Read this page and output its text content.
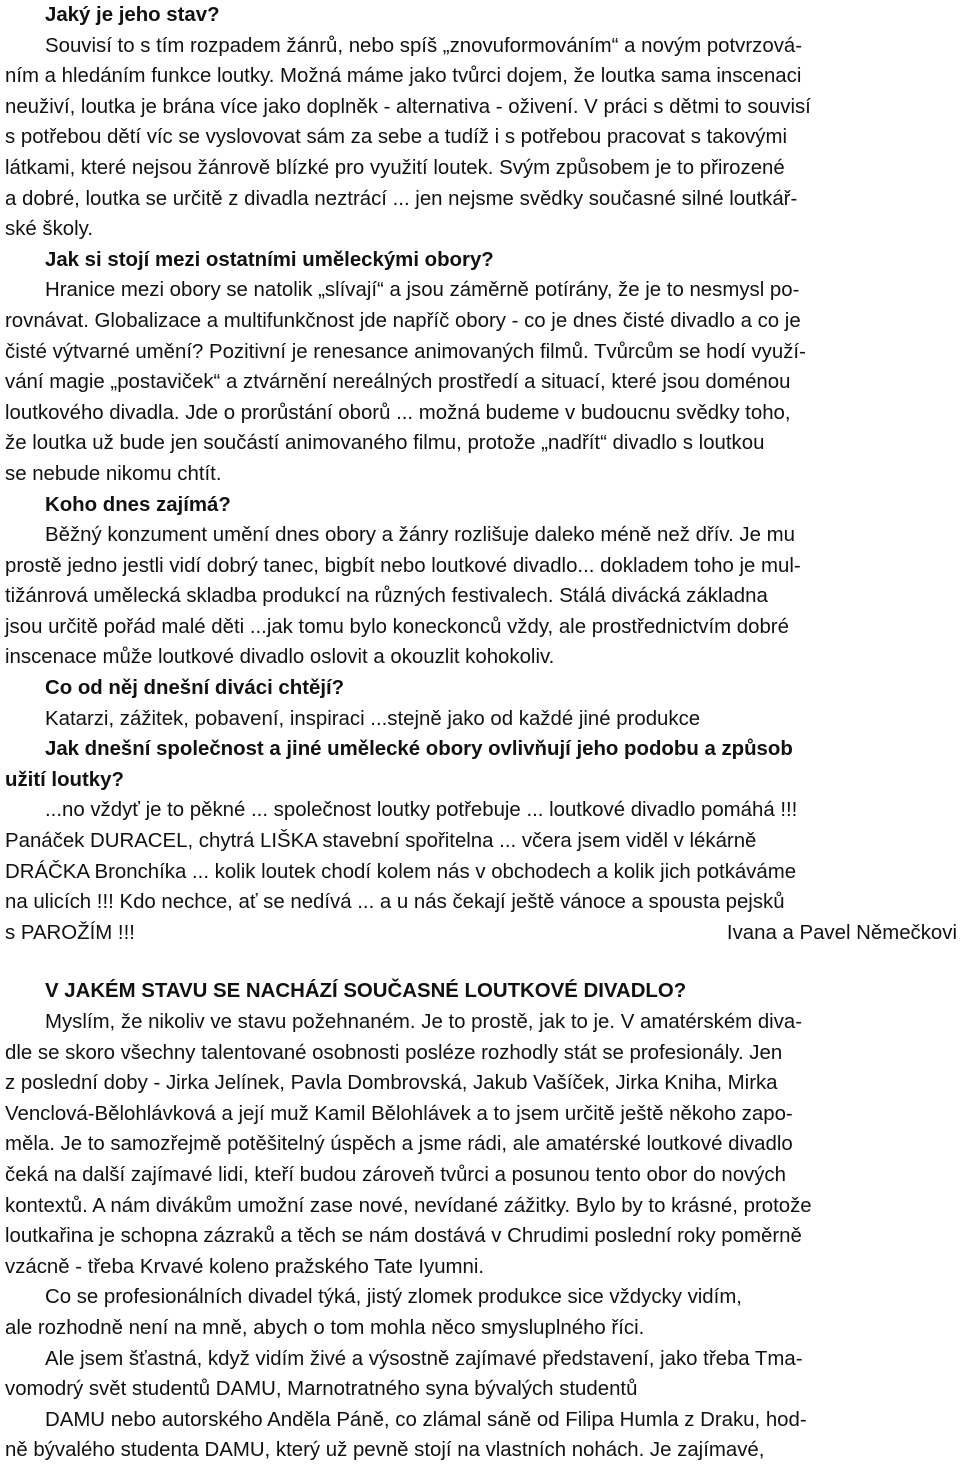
Jaký je jeho stav?
Souvisí to s tím rozpadem žánrů, nebo spíš „znovuformováním“ a novým potvrzová-
ním a hledáním funkce loutky. Možná máme jako tvůrci dojem, že loutka sama inscenaci
neuživí, loutka je brána více jako doplněk - alternativa - oživení. V práci s dětmi to souvisí
s potřebou dětí víc se vyslovovat sám za sebe a tudíž i s potřebou pracovat s takovými
látkami, které nejsou žánrově blízké pro využití loutek. Svým způsobem je to přirozené
a dobré, loutka se určitě z divadla neztrácí ... jen nejsme svědky současné silné loutkář-
ské školy.
Jak si stojí mezi ostatními uměleckými obory?
Hranice mezi obory se natolik „slívají“ a jsou záměrně potírány, že je to nesmysl po-
rovnávat. Globalizace a multifunkčnost jde napříč obory - co je dnes čisté divadlo a co je
čisté výtvarné umění? Pozitivní je renesance animovaných filmů. Tvůrcům se hodí využí-
vání magie „postaviček“ a ztvárnění nereálných prostředí a situací, které jsou doménou
loutkového divadla. Jde o prorůstání oborů ... možná budeme v budoucnu svědky toho,
že loutka už bude jen součástí animovaného filmu, protože „nadřít“ divadlo s loutkou
se nebude nikomu chtít.
Koho dnes zajímá?
Běžný konzument umění dnes obory a žánry rozlišuje daleko méně než dřív. Je mu
prostě jedno jestli vidí dobrý tanec, bigbít nebo loutkové divadlo... dokladem toho je mul-
tižánrová umělecká skladba produkcí na různých festivalech. Stálá divácká základna
jsou určitě pořád malé děti ...jak tomu bylo koneckonců vždy, ale prostřednictvím dobré
inscenace může loutkové divadlo oslovit a okouzlit kohokoliv.
Co od něj dnešní diváci chtějí?
Katarzi, zážitek, pobavení, inspiraci ...stejně jako od každé jiné produkce
Jak dnešní společnost a jiné umělecké obory ovlivňují jeho podobu a způsob
užití loutky?
...no vždyť je to pěkné ... společnost loutky potřebuje ... loutkové divadlo pomáhá !!!
Panáček DURACEL, chytrá LIŠKA stavební spořitelna ... včera jsem viděl v lékárně
DRÁČKA Bronchíka ... kolik loutek chodí kolem nás v obchodech a kolik jich potkáváme
na ulicích !!! Kdo nechce, ať se nedívá ... a u nás čekají ještě vánoce a spousta pejsků
s PAROŽÍM !!!	Ivana a Pavel Němečkovi
V JAKÉM STAVU SE NACHÁZÍ SOUČASNÉ LOUTKOVÉ DIVADLO?
Myslím, že nikoliv ve stavu požehnaném. Je to prostě, jak to je. V amatérském diva-
dle se skoro všechny talentované osobnosti posléze rozhodly stát se profesionály. Jen
z poslední doby - Jirka Jelínek, Pavla Dombrovská, Jakub Vašíček, Jirka Kniha, Mirka
Venclová-Bělohlávková a její muž Kamil Bělohlávek a to jsem určitě ještě někoho zapo-
měla. Je to samozřejmě potěšitelný úspěch a jsme rádi, ale amatérské loutkové divadlo
čeká na další zajímavé lidi, kteří budou zároveň tvůrci a posunou tento obor do nových
kontextů. A nám divákům umožní zase nové, nevídané zážitky. Bylo by to krásné, protože
loutkařina je schopna zázraků a těch se nám dostává v Chrudimi poslední roky poměrně
vzácně - třeba Krvavé koleno pražského Tate Iyumni.
Co se profesionálních divadel týká, jistý zlomek produkce sice vždycky vidím,
ale rozhodně není na mně, abych o tom mohla něco smysluplného říci.
Ale jsem šťastná, když vidím živé a výsostně zajímavé představení, jako třeba Tma-
vomodrý svět studentů DAMU, Marnotratného syna bývalých studentů
DAMU nebo autorského Anděla Páně, co zlámal sáně od Filipa Humla z Draku, hod-
ně bývalého studenta DAMU, který už pevně stojí na vlastních nohách. Je zajímavé,
